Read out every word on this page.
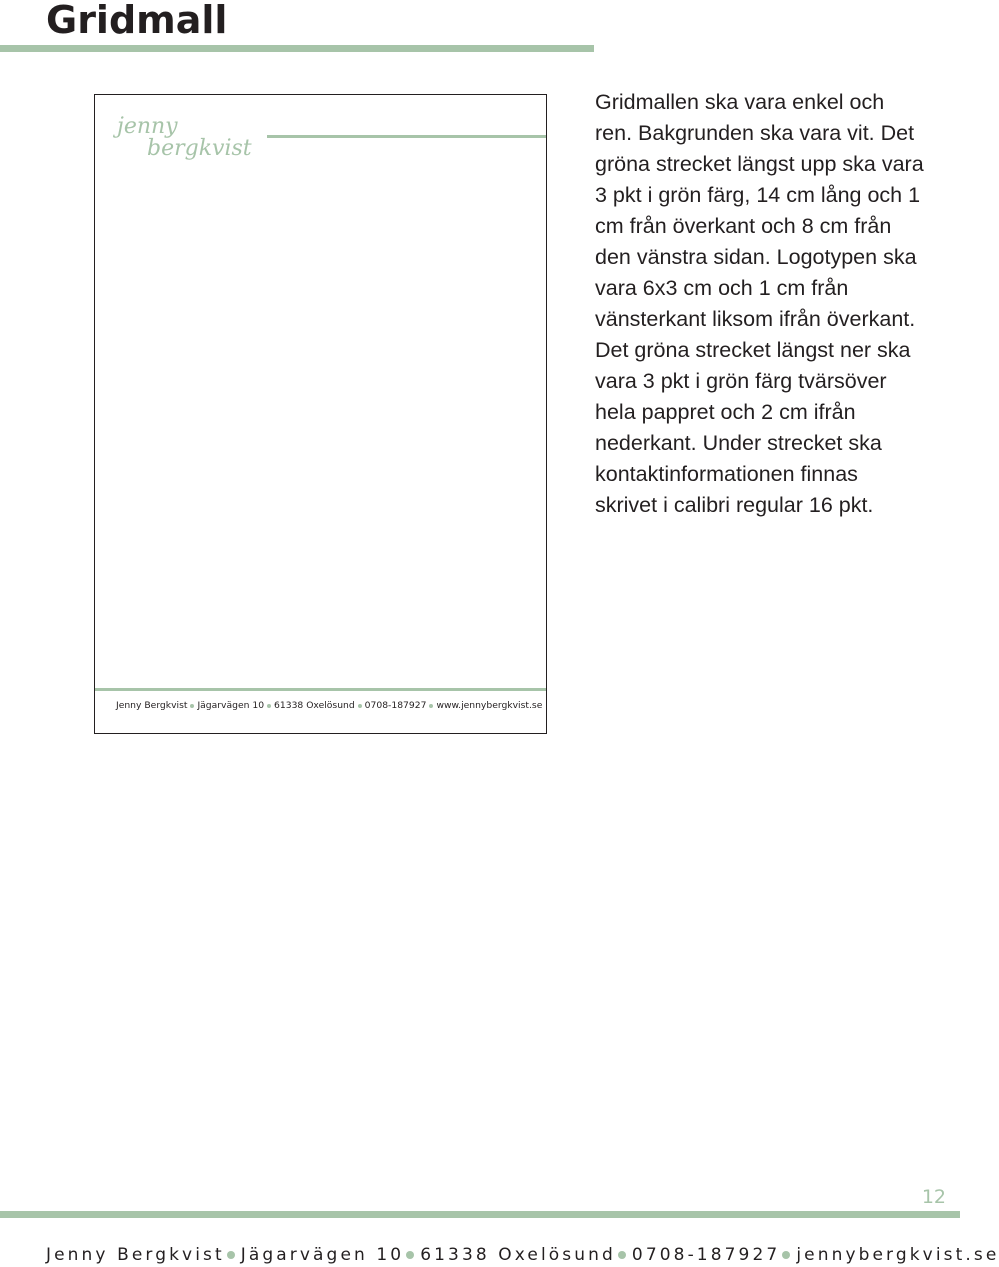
Gridmall
jenny
bergkvist
Jenny Bergkvist Jägarvägen 10 61338 Oxelösund 0708-187927 www.jennybergkvist.se

Gridmallen ska vara enkel och ren. Bakgrunden ska vara vit. Det gröna strecket längst upp ska vara 3 pkt i grön färg, 14 cm lång och 1 cm från överkant och 8 cm från den vänstra sidan. Logotypen ska vara 6x3 cm och 1 cm från vänsterkant liksom ifrån överkant. Det gröna strecket längst ner ska vara 3 pkt i grön färg tvärsöver hela pappret och 2 cm ifrån nederkant. Under strecket ska kontaktinformationen finnas skrivet i calibri regular 16 pkt.

12
Jenny Bergkvist Jägarvägen 10 61338 Oxelösund 0708-187927 jennybergkvist.se
